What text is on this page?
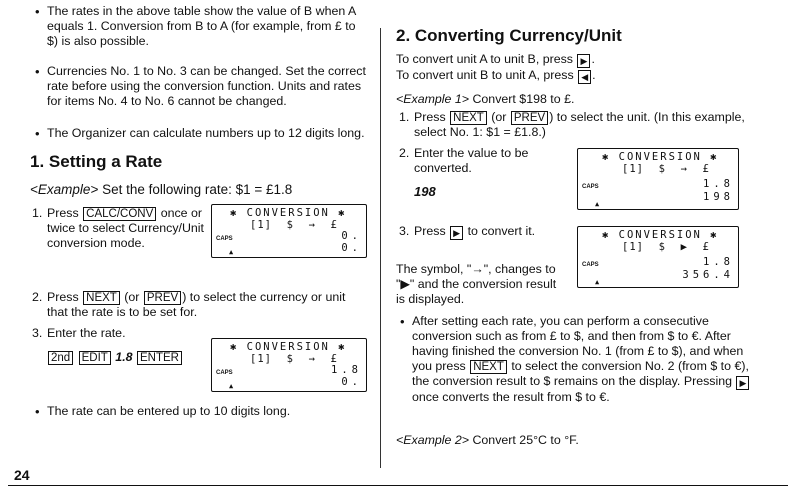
• The rates in the above table show the value of B when A equals 1. Conversion from B to A (for example, from £ to $) is also possible.
• Currencies No. 1 to No. 3 can be changed. Set the correct rate before using the conversion function. Units and rates for items No. 4 to No. 6 cannot be changed.
• The Organizer can calculate numbers up to 12 digits long.
1. Setting a Rate
<Example> Set the following rate: $1 = £1.8
1. Press CALC/CONV once or twice to select Currency/Unit conversion mode.
✱ CONVERSION ✱
[1]  $  →  £
CAPS	0.
0.
▲
2. Press NEXT (or PREV ) to select the currency or unit that the rate is to be set for.
3. Enter the rate.
2nd EDIT 1.8 ENTER
✱ CONVERSION ✱
[1]  $  →  £
CAPS	1.8
0.
▲
• The rate can be entered up to 10 digits long.
2. Converting Currency/Unit
To convert unit A to unit B, press ▶ .
To convert unit B to unit A, press ◀ .
<Example 1> Convert $198 to £.
1. Press NEXT (or PREV ) to select the unit. (In this example, select No. 1: $1 = £1.8.)
2. Enter the value to be converted.
198
✱ CONVERSION ✱
[1]  $  →  £
CAPS	1.8
198
▲
3. Press ▶ to convert it.
The symbol, "→", changes to "▶" and the conversion result is displayed.
✱ CONVERSION ✱
[1]  $  ▶  £
CAPS	1.8
356.4
▲
• After setting each rate, you can perform a consecutive conversion such as from £ to $, and then from $ to €. After having finished the conversion No. 1 (from £ to $), and when you press NEXT to select the conversion No. 2 (from $ to €), the conversion result to $ remains on the display. Pressing ▶ once converts the result from $ to €.
<Example 2> Convert 25°C to °F.
24
